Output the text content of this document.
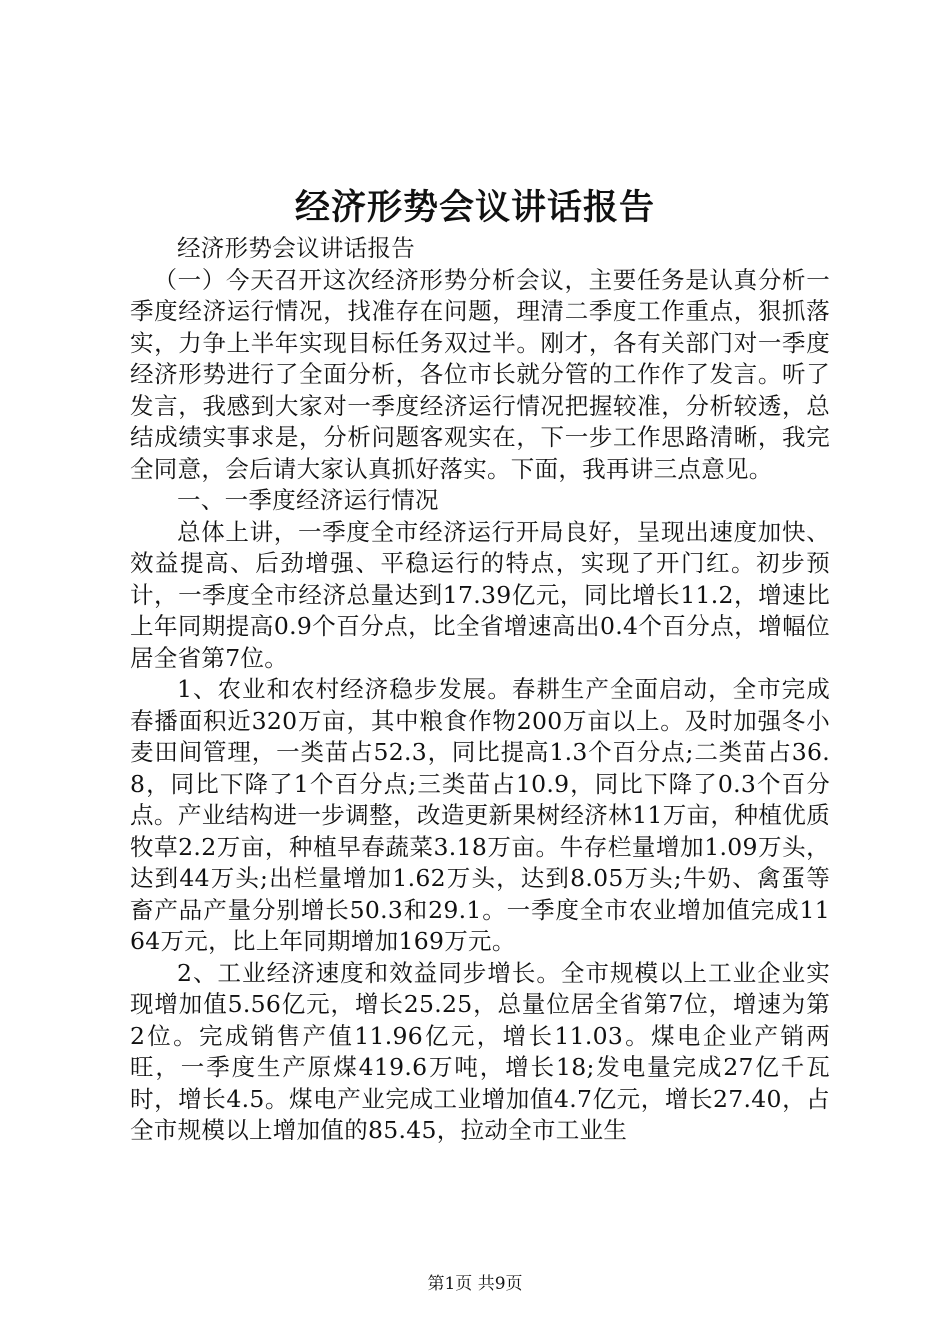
经济形势会议讲话报告

经济形势会议讲话报告

（一）今天召开这次经济形势分析会议，主要任务是认真分析一季度经济运行情况，找准存在问题，理清二季度工作重点，狠抓落实，力争上半年实现目标任务双过半。刚才，各有关部门对一季度经济形势进行了全面分析，各位市长就分管的工作作了发言。听了发言，我感到大家对一季度经济运行情况把握较准，分析较透，总结成绩实事求是，分析问题客观实在，下一步工作思路清晰，我完全同意，会后请大家认真抓好落实。下面，我再讲三点意见。

一、一季度经济运行情况

总体上讲，一季度全市经济运行开局良好，呈现出速度加快、效益提高、后劲增强、平稳运行的特点，实现了开门红。初步预计，一季度全市经济总量达到17.39亿元，同比增长11.2，增速比上年同期提高0.9个百分点，比全省增速高出0.4个百分点，增幅位居全省第7位。

1、农业和农村经济稳步发展。春耕生产全面启动，全市完成春播面积近320万亩，其中粮食作物200万亩以上。及时加强冬小麦田间管理，一类苗占52.3，同比提高1.3个百分点;二类苗占36.8，同比下降了1个百分点;三类苗占10.9，同比下降了0.3个百分点。产业结构进一步调整，改造更新果树经济林11万亩，种植优质牧草2.2万亩，种植早春蔬菜3.18万亩。牛存栏量增加1.09万头，达到44万头;出栏量增加1.62万头，达到8.05万头;牛奶、禽蛋等畜产品产量分别增长50.3和29.1。一季度全市农业增加值完成1164万元，比上年同期增加169万元。

2、工业经济速度和效益同步增长。全市规模以上工业企业实现增加值5.56亿元，增长25.25，总量位居全省第7位，增速为第2位。完成销售产值11.96亿元，增长11.03。煤电企业产销两旺，一季度生产原煤419.6万吨，增长18;发电量完成27亿千瓦时，增长4.5。煤电产业完成工业增加值4.7亿元，增长27.40，占全市规模以上增加值的85.45，拉动全市工业生

第1页 共9页
